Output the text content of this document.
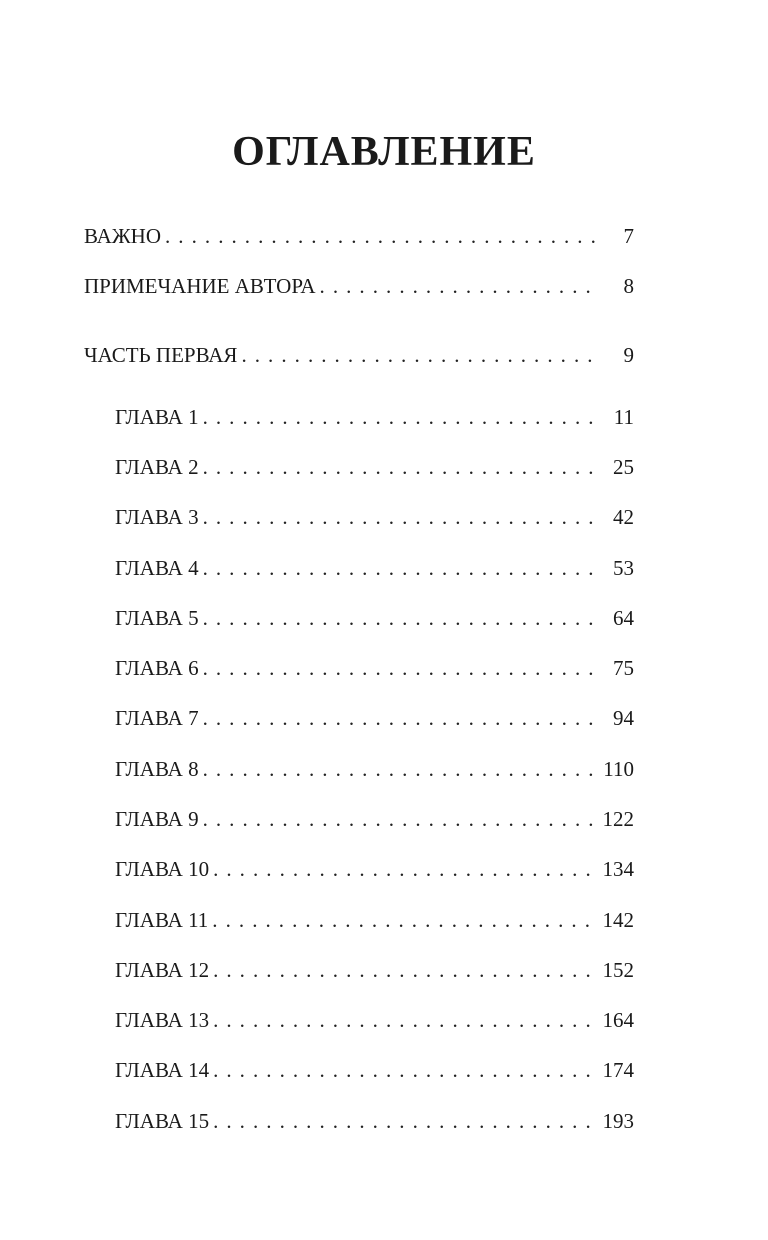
ОГЛАВЛЕНИЕ
ВАЖНО . . .	7
ПРИМЕЧАНИЕ АВТОРА . . .	8
ЧАСТЬ ПЕРВАЯ . . .	9
ГЛАВА 1 . . .	11
ГЛАВА 2 . . .	25
ГЛАВА 3 . . .	42
ГЛАВА 4 . . .	53
ГЛАВА 5 . . .	64
ГЛАВА 6 . . .	75
ГЛАВА 7 . . .	94
ГЛАВА 8 . . .	110
ГЛАВА 9 . . .	122
ГЛАВА 10 . . .	134
ГЛАВА 11 . . .	142
ГЛАВА 12 . . .	152
ГЛАВА 13 . . .	164
ГЛАВА 14 . . .	174
ГЛАВА 15 . . .	193
